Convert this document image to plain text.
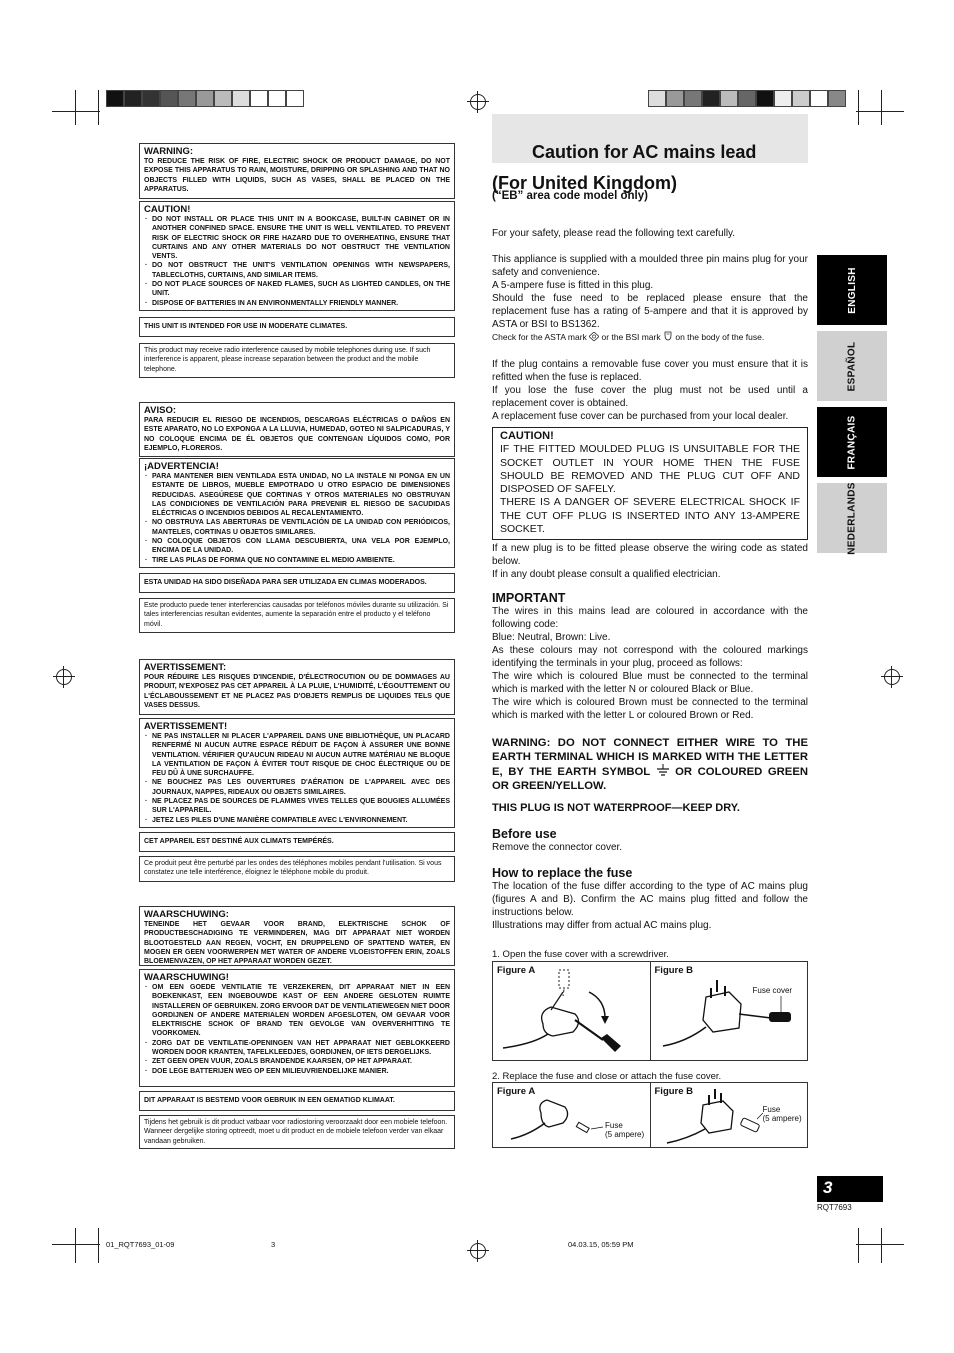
WARNING:
TO REDUCE THE RISK OF FIRE, ELECTRIC SHOCK OR PRODUCT DAMAGE, DO NOT EXPOSE THIS APPARATUS TO RAIN, MOISTURE, DRIPPING OR SPLASHING AND THAT NO OBJECTS FILLED WITH LIQUIDS, SUCH AS VASES, SHALL BE PLACED ON THE APPARATUS.
CAUTION!
· DO NOT INSTALL OR PLACE THIS UNIT IN A BOOKCASE, BUILT-IN CABINET OR IN ANOTHER CONFINED SPACE. ENSURE THE UNIT IS WELL VENTILATED. TO PREVENT RISK OF ELECTRIC SHOCK OR FIRE HAZARD DUE TO OVERHEATING, ENSURE THAT CURTAINS AND ANY OTHER MATERIALS DO NOT OBSTRUCT THE VENTILATION VENTS.
· DO NOT OBSTRUCT THE UNIT'S VENTILATION OPENINGS WITH NEWSPAPERS, TABLECLOTHS, CURTAINS, AND SIMILAR ITEMS.
· DO NOT PLACE SOURCES OF NAKED FLAMES, SUCH AS LIGHTED CANDLES, ON THE UNIT.
· DISPOSE OF BATTERIES IN AN ENVIRONMENTALLY FRIENDLY MANNER.
THIS UNIT IS INTENDED FOR USE IN MODERATE CLIMATES.
This product may receive radio interference caused by mobile telephones during use. If such interference is apparent, please increase separation between the product and the mobile telephone.
AVISO:
PARA REDUCIR EL RIESGO DE INCENDIOS, DESCARGAS ELÉCTRICAS O DAÑOS EN ESTE APARATO, NO LO EXPONGA A LA LLUVIA, HUMEDAD, GOTEO NI SALPICADURAS, Y NO COLOQUE ENCIMA DE ÉL OBJETOS QUE CONTENGAN LÍQUIDOS COMO, POR EJEMPLO, FLOREROS.
¡ADVERTENCIA!
· PARA MANTENER BIEN VENTILADA ESTA UNIDAD, NO LA INSTALE NI PONGA EN UN ESTANTE DE LIBROS, MUEBLE EMPOTRADO U OTRO ESPACIO DE DIMENSIONES REDUCIDAS. ASEGÚRESE QUE CORTINAS Y OTROS MATERIALES NO OBSTRUYAN LAS CONDICIONES DE VENTILACIÓN PARA PREVENIR EL RIESGO DE SACUDIDAS ELÉCTRICAS O INCENDIOS DEBIDOS AL RECALENTAMIENTO.
· NO OBSTRUYA LAS ABERTURAS DE VENTILACIÓN DE LA UNIDAD CON PERIÓDICOS, MANTELES, CORTINAS U OBJETOS SIMILARES.
· NO COLOQUE OBJETOS CON LLAMA DESCUBIERTA, UNA VELA POR EJEMPLO, ENCIMA DE LA UNIDAD.
· TIRE LAS PILAS DE FORMA QUE NO CONTAMINE EL MEDIO AMBIENTE.
ESTA UNIDAD HA SIDO DISEÑADA PARA SER UTILIZADA EN CLIMAS MODERADOS.
Este producto puede tener interferencias causadas por teléfonos móviles durante su utilización. Si tales interferencias resultan evidentes, aumente la separación entre el producto y el teléfono móvil.
AVERTISSEMENT:
POUR RÉDUIRE LES RISQUES D'INCENDIE, D'ÉLECTROCUTION OU DE DOMMAGES AU PRODUIT, N'EXPOSEZ PAS CET APPAREIL À LA PLUIE, L'HUMIDITÉ, L'ÉGOUTTEMENT OU L'ÉCLABOUSSEMENT ET NE PLACEZ PAS D'OBJETS REMPLIS DE LIQUIDES TELS QUE VASES DESSUS.
AVERTISSEMENT!
· NE PAS INSTALLER NI PLACER L'APPAREIL DANS UNE BIBLIOTHÈQUE, UN PLACARD RENFERMÉ NI AUCUN AUTRE ESPACE RÉDUIT DE FAÇON À ASSURER UNE BONNE VENTILATION. VÉRIFIER QU'AUCUN RIDEAU NI AUCUN AUTRE MATÉRIAU NE BLOQUE LA VENTILATION DE FAÇON À ÉVITER TOUT RISQUE DE CHOC ÉLECTRIQUE OU DE FEU DÛ À UNE SURCHAUFFE.
· NE BOUCHEZ PAS LES OUVERTURES D'AÉRATION DE L'APPAREIL AVEC DES JOURNAUX, NAPPES, RIDEAUX OU OBJETS SIMILAIRES.
· NE PLACEZ PAS DE SOURCES DE FLAMMES VIVES TELLES QUE BOUGIES ALLUMÉES SUR L'APPAREIL.
· JETEZ LES PILES D'UNE MANIÈRE COMPATIBLE AVEC L'ENVIRONNEMENT.
CET APPAREIL EST DESTINÉ AUX CLIMATS TEMPÉRÉS.
Ce produit peut être perturbé par les ondes des téléphones mobiles pendant l'utilisation. Si vous constatez une telle interférence, éloignez le téléphone mobile du produit.
WAARSCHUWING:
TENEINDE HET GEVAAR VOOR BRAND, ELEKTRISCHE SCHOK OF PRODUCTBESCHADIGING TE VERMINDEREN, MAG DIT APPARAAT NIET WORDEN BLOOTGESTELD AAN REGEN, VOCHT, EN DRUPPELEND OF SPATTEND WATER, EN MOGEN ER GEEN VOORWERPEN MET WATER OF ANDERE VLOEISTOFFEN ERIN, ZOALS BLOEMENVAZEN, OP HET APPARAAT WORDEN GEZET.
WAARSCHUWING!
· OM EEN GOEDE VENTILATIE TE VERZEKEREN, DIT APPARAAT NIET IN EEN BOEKENKAST, EEN INGEBOUWDE KAST OF EEN ANDERE GESLOTEN RUIMTE INSTALLEREN OF GEBRUIKEN. ZORG ERVOOR DAT DE VENTILATIEWEGEN NIET DOOR GORDIJNEN OF ANDERE MATERIALEN WORDEN AFGESLOTEN, OM GEVAAR VOOR ELEKTRISCHE SCHOK OF BRAND TEN GEVOLGE VAN OVERVERHITTING TE VOORKOMEN.
· ZORG DAT DE VENTILATIE-OPENINGEN VAN HET APPARAAT NIET GEBLOKKEERD WORDEN DOOR KRANTEN, TAFELKLEEDJES, GORDIJNEN, OF IETS DERGELIJKS.
· ZET GEEN OPEN VUUR, ZOALS BRANDENDE KAARSEN, OP HET APPARAAT.
· DOE LEGE BATTERIJEN WEG OP EEN MILIEUVRIENDELIJKE MANIER.
DIT APPARAAT IS BESTEMD VOOR GEBRUIK IN EEN GEMATIGD KLIMAAT.
Tijdens het gebruik is dit product vatbaar voor radiostoring veroorzaakt door een mobiele telefoon. Wanneer dergelijke storing optreedt, moet u dit product en de mobiele telefoon verder van elkaar vandaan gebruiken.
Caution for AC mains lead
(For United Kingdom)
(“EB” area code model only)

For your safety, please read the following text carefully.

This appliance is supplied with a moulded three pin mains plug for your safety and convenience.

A 5-ampere fuse is fitted in this plug.

Should the fuse need to be replaced please ensure that the replacement fuse has a rating of 5-ampere and that it is approved by ASTA or BSI to BS1362.

Check for the ASTA mark or the BSI mark on the body of the fuse.

If the plug contains a removable fuse cover you must ensure that it is refitted when the fuse is replaced.

If you lose the fuse cover the plug must not be used until a replacement cover is obtained.

A replacement fuse cover can be purchased from your local dealer.

CAUTION!
IF THE FITTED MOULDED PLUG IS UNSUITABLE FOR THE SOCKET OUTLET IN YOUR HOME THEN THE FUSE SHOULD BE REMOVED AND THE PLUG CUT OFF AND DISPOSED OF SAFELY.
THERE IS A DANGER OF SEVERE ELECTRICAL SHOCK IF THE CUT OFF PLUG IS INSERTED INTO ANY 13-AMPERE SOCKET.

If a new plug is to be fitted please observe the wiring code as stated below.

If in any doubt please consult a qualified electrician.

IMPORTANT

The wires in this mains lead are coloured in accordance with the following code:

Blue: Neutral, Brown: Live.

As these colours may not correspond with the coloured markings identifying the terminals in your plug, proceed as follows:

The wire which is coloured Blue must be connected to the terminal which is marked with the letter N or coloured Black or Blue.

The wire which is coloured Brown must be connected to the terminal which is marked with the letter L or coloured Brown or Red.

WARNING: DO NOT CONNECT EITHER WIRE TO THE EARTH TERMINAL WHICH IS MARKED WITH THE LETTER E, BY THE EARTH SYMBOL OR COLOURED GREEN OR GREEN/YELLOW.

THIS PLUG IS NOT WATERPROOF—KEEP DRY.
Before use

Remove the connector cover.

How to replace the fuse

The location of the fuse differ according to the type of AC mains plug (figures A and B). Confirm the AC mains plug fitted and follow the instructions below.

Illustrations may differ from actual AC mains plug.

1. Open the fuse cover with a screwdriver.
Figure A	Figure B
Fuse cover
2. Replace the fuse and close or attach the fuse cover.
Figure A
Fuse
(5 ampere)
Figure B
Fuse
(5 ampere)
ENGLISH
ESPAÑOL
FRANÇAIS
NEDERLANDS
3
RQT7693
01_RQT7693_01-09	3	04.03.15, 05:59 PM
